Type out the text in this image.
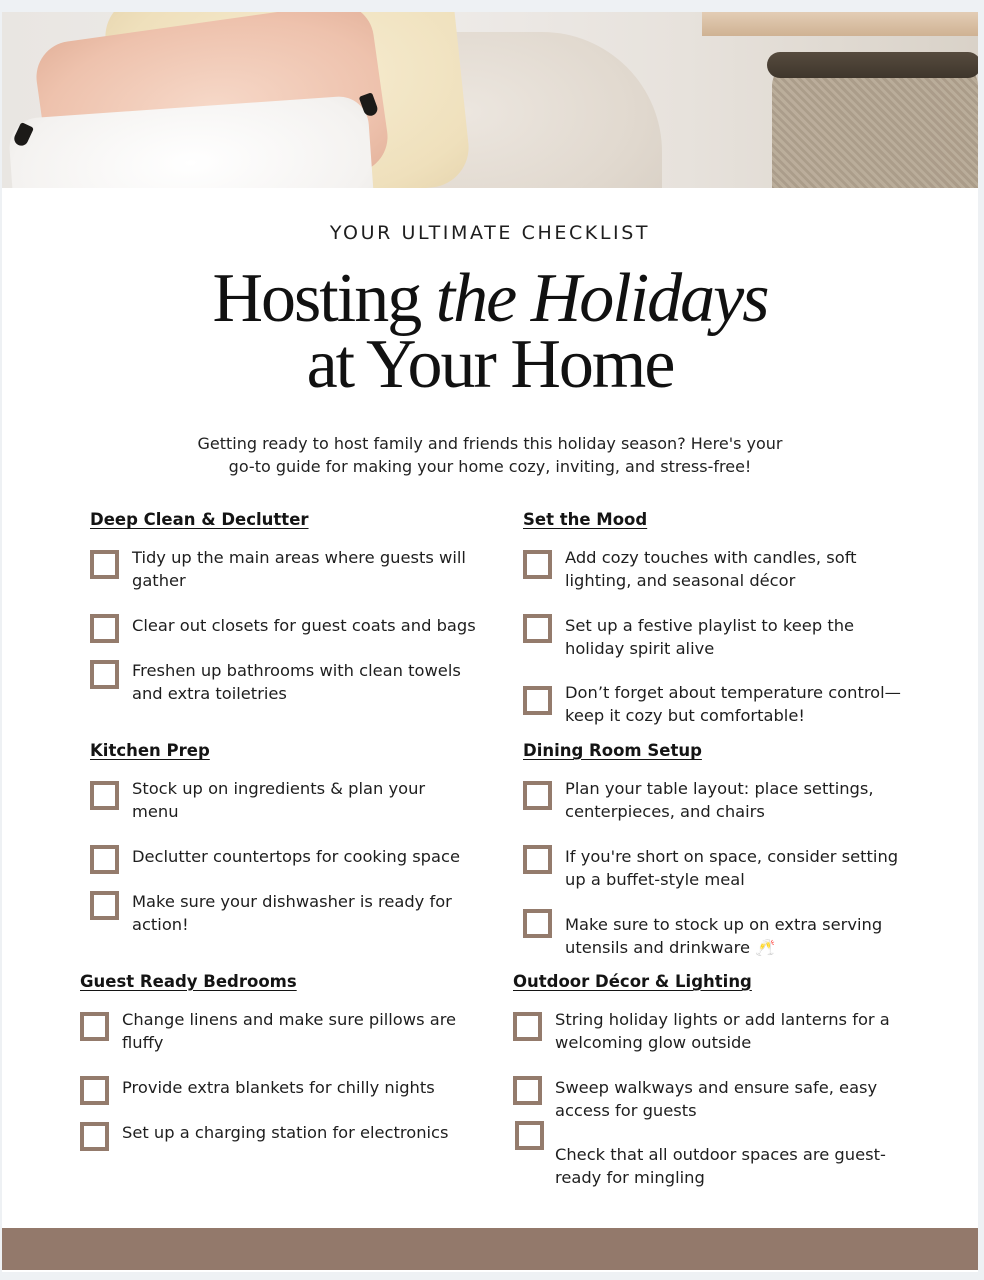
YOUR ULTIMATE CHECKLIST
Hosting the Holidays
at Your Home
Getting ready to host family and friends this holiday season? Here's your
go-to guide for making your home cozy, inviting, and stress-free!
Deep Clean & Declutter
Tidy up the main areas where guests will
gather
Clear out closets for guest coats and bags
Freshen up bathrooms with clean towels
and extra toiletries
Set the Mood
Add cozy touches with candles, soft
lighting, and seasonal décor
Set up a festive playlist to keep the
holiday spirit alive
Don’t forget about temperature control—
keep it cozy but comfortable!
Kitchen Prep
Stock up on ingredients & plan your
menu
Declutter countertops for cooking space
Make sure your dishwasher is ready for
action!
Dining Room Setup
Plan your table layout: place settings,
centerpieces, and chairs
If you're short on space, consider setting
up a buffet-style meal
Make sure to stock up on extra serving
utensils and drinkware 🥂
Guest Ready Bedrooms
Change linens and make sure pillows are
fluffy
Provide extra blankets for chilly nights
Set up a charging station for electronics
Outdoor Décor & Lighting
String holiday lights or add lanterns for a
welcoming glow outside
Sweep walkways and ensure safe, easy
access for guests
Check that all outdoor spaces are guest-
ready for mingling
